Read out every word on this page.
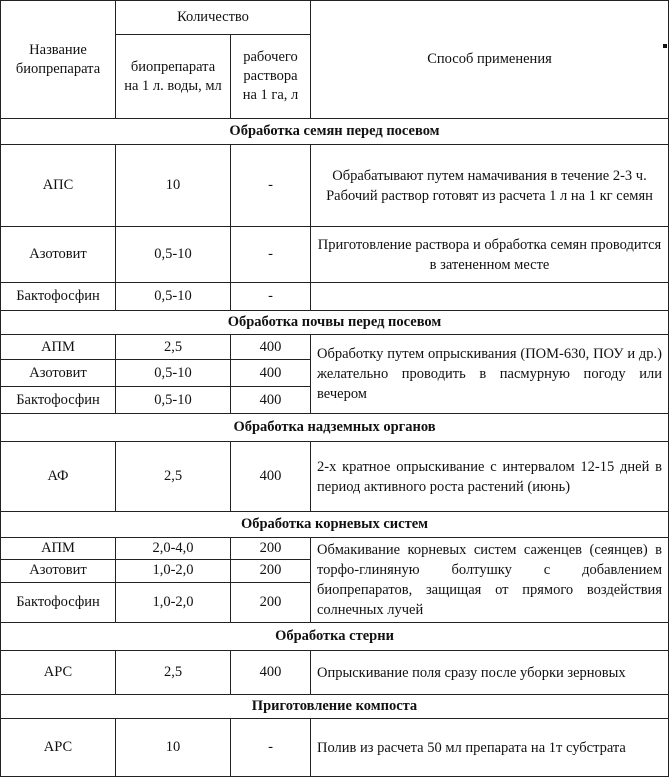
Название биопрепарата	Количество		Способ применения
	биопрепарата на 1 л. воды, мл	рабочего раствора на 1 га, л	
Обработка семян перед посевом			
АПС	10	-	Обрабатывают путем намачивания в течение 2-3 ч. Рабочий раствор готовят из расчета 1 л на 1 кг семян
Азотовит	0,5-10	-	Приготовление раствора и обработка семян проводится в затененном месте
Бактофосфин	0,5-10	-	
Обработка почвы перед посевом			
АПМ	2,5	400	Обработку путем опрыскивания (ПОМ-630, ПОУ и др.) желательно проводить в пасмурную погоду или вечером
Азотовит	0,5-10	400	
Бактофосфин	0,5-10	400	
Обработка надземных органов			
АФ	2,5	400	2-х кратное опрыскивание с интервалом 12-15 дней в период активного роста растений (июнь)
Обработка корневых систем			
АПМ	2,0-4,0	200	Обмакивание корневых систем саженцев (сеянцев) в торфо-глиняную болтушку с добавлением биопрепаратов, защищая от прямого воздействия солнечных лучей
Азотовит	1,0-2,0	200	
Бактофосфин	1,0-2,0	200	
Обработка стерни			
АРС	2,5	400	Опрыскивание поля сразу после уборки зерновых
Приготовление компоста			
АРС	10	-	Полив из расчета 50 мл препарата на 1т субстрата
